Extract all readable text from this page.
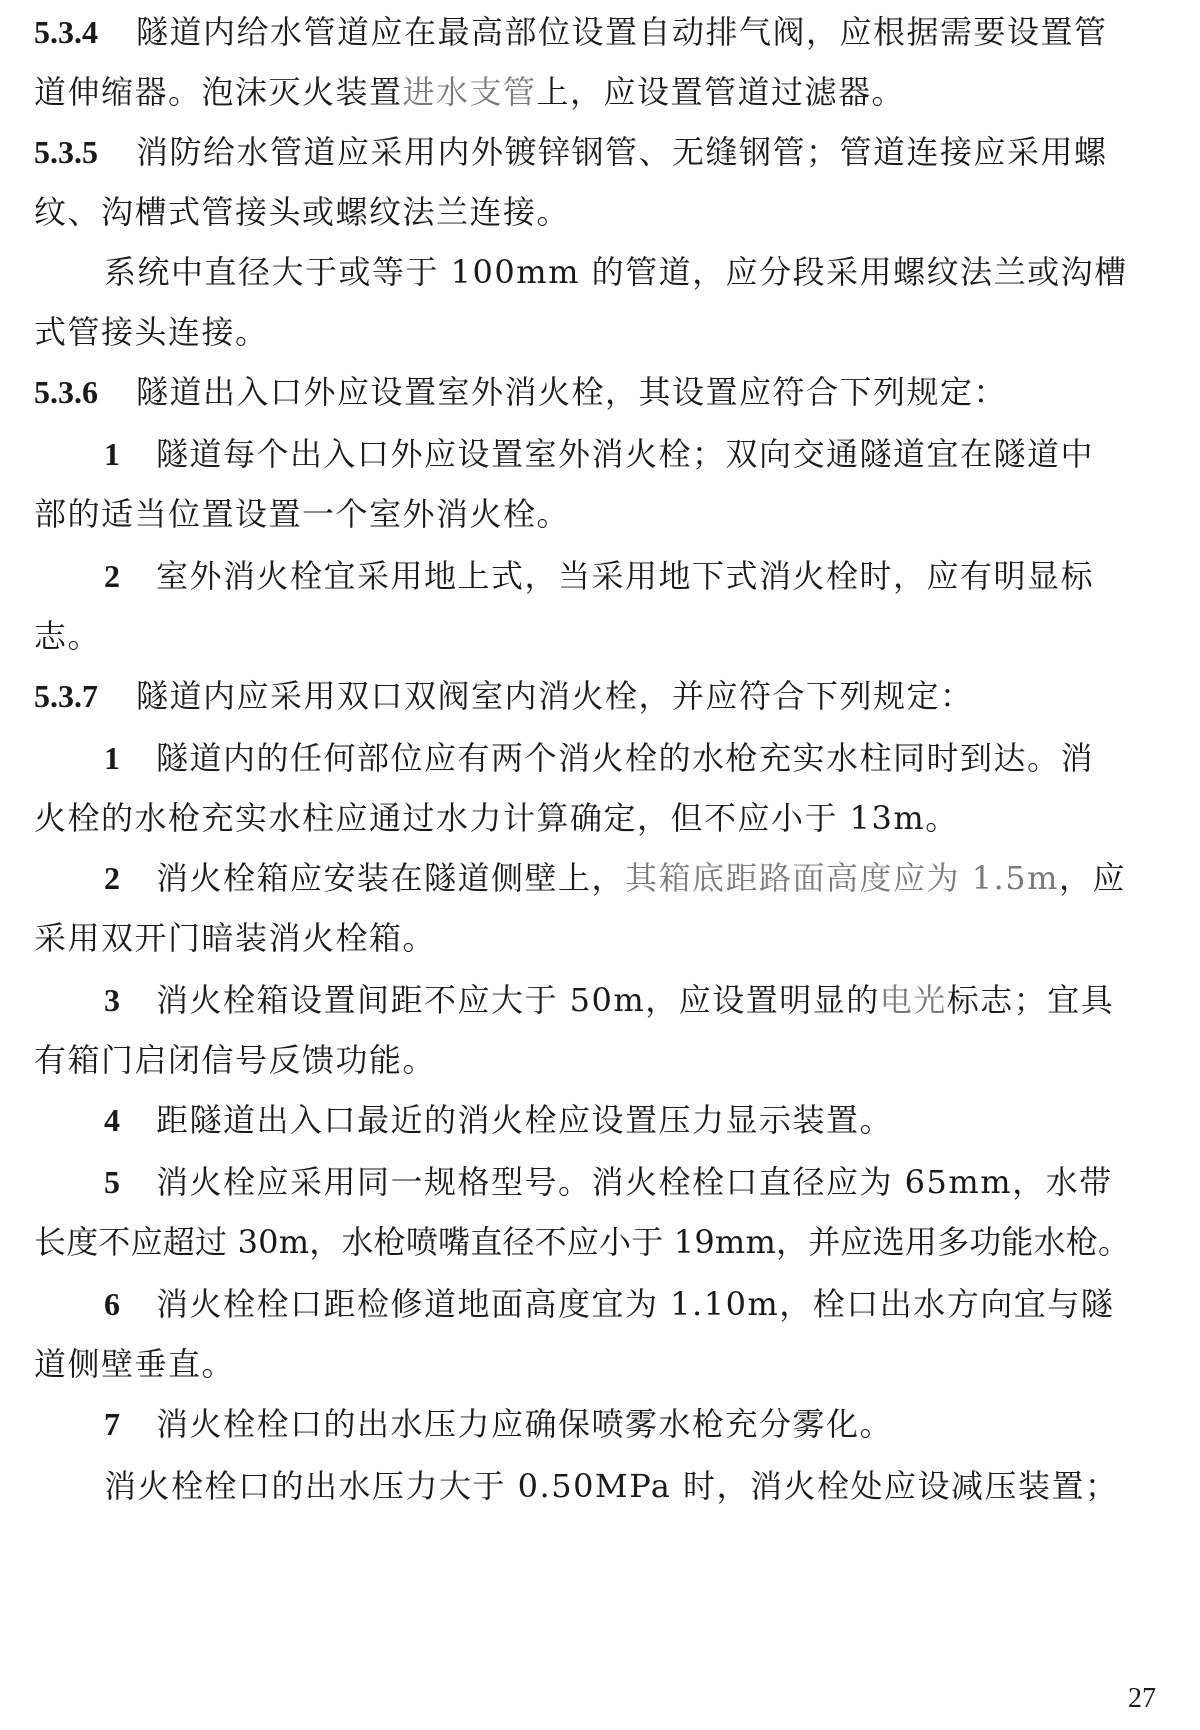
5.3.4 隧道内给水管道应在最高部位设置自动排气阀，应根据需要设置管
道伸缩器。泡沫灭火装置进水支管上，应设置管道过滤器。
5.3.5 消防给水管道应采用内外镀锌钢管、无缝钢管；管道连接应采用螺
纹、沟槽式管接头或螺纹法兰连接。
系统中直径大于或等于 100mm 的管道，应分段采用螺纹法兰或沟槽
式管接头连接。
5.3.6 隧道出入口外应设置室外消火栓，其设置应符合下列规定：
1 隧道每个出入口外应设置室外消火栓；双向交通隧道宜在隧道中
部的适当位置设置一个室外消火栓。
2 室外消火栓宜采用地上式，当采用地下式消火栓时，应有明显标
志。
5.3.7 隧道内应采用双口双阀室内消火栓，并应符合下列规定：
1 隧道内的任何部位应有两个消火栓的水枪充实水柱同时到达。消
火栓的水枪充实水柱应通过水力计算确定，但不应小于 13m。
2 消火栓箱应安装在隧道侧壁上，其箱底距路面高度应为 1.5m，应
采用双开门暗装消火栓箱。
3 消火栓箱设置间距不应大于 50m，应设置明显的电光标志；宜具
有箱门启闭信号反馈功能。
4 距隧道出入口最近的消火栓应设置压力显示装置。
5 消火栓应采用同一规格型号。消火栓栓口直径应为 65mm，水带
长度不应超过 30m，水枪喷嘴直径不应小于 19mm，并应选用多功能水枪。
6 消火栓栓口距检修道地面高度宜为 1.10m，栓口出水方向宜与隧
道侧壁垂直。
7 消火栓栓口的出水压力应确保喷雾水枪充分雾化。
消火栓栓口的出水压力大于 0.50MPa 时，消火栓处应设减压装置；
27
